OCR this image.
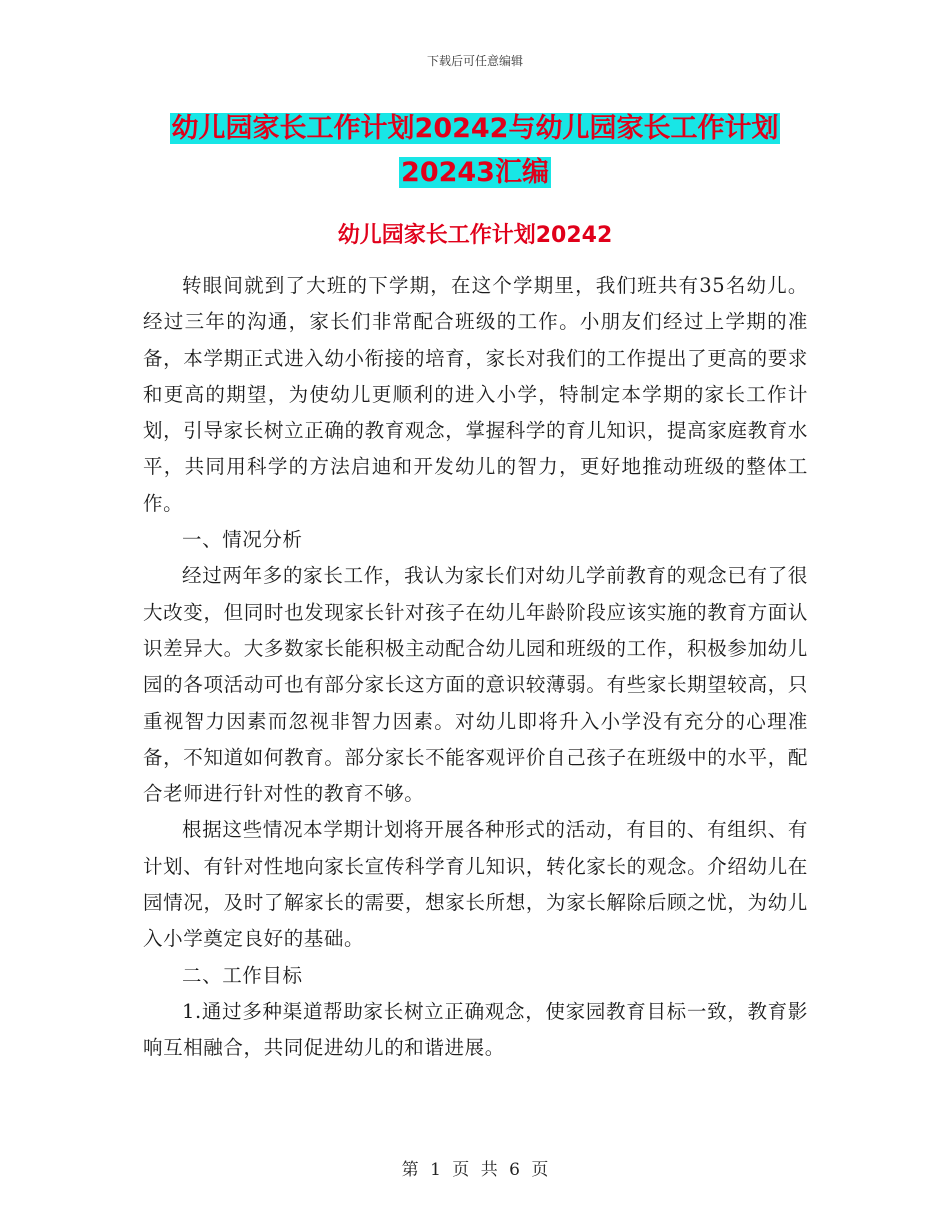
下载后可任意编辑
幼儿园家长工作计划20242与幼儿园家长工作计划
20243汇编
幼儿园家长工作计划20242

转眼间就到了大班的下学期，在这个学期里，我们班共有35名幼儿。经过三年的沟通，家长们非常配合班级的工作。小朋友们经过上学期的准备，本学期正式进入幼小衔接的培育，家长对我们的工作提出了更高的要求和更高的期望，为使幼儿更顺利的进入小学，特制定本学期的家长工作计划，引导家长树立正确的教育观念，掌握科学的育儿知识，提高家庭教育水平，共同用科学的方法启迪和开发幼儿的智力，更好地推动班级的整体工作。

一、情况分析

经过两年多的家长工作，我认为家长们对幼儿学前教育的观念已有了很大改变，但同时也发现家长针对孩子在幼儿年龄阶段应该实施的教育方面认识差异大。大多数家长能积极主动配合幼儿园和班级的工作，积极参加幼儿园的各项活动可也有部分家长这方面的意识较薄弱。有些家长期望较高，只重视智力因素而忽视非智力因素。对幼儿即将升入小学没有充分的心理准备，不知道如何教育。部分家长不能客观评价自己孩子在班级中的水平，配合老师进行针对性的教育不够。

根据这些情况本学期计划将开展各种形式的活动，有目的、有组织、有计划、有针对性地向家长宣传科学育儿知识，转化家长的观念。介绍幼儿在园情况，及时了解家长的需要，想家长所想，为家长解除后顾之忧，为幼儿入小学奠定良好的基础。

二、工作目标

1.通过多种渠道帮助家长树立正确观念，使家园教育目标一致，教育影响互相融合，共同促进幼儿的和谐进展。

第 1 页 共 6 页
